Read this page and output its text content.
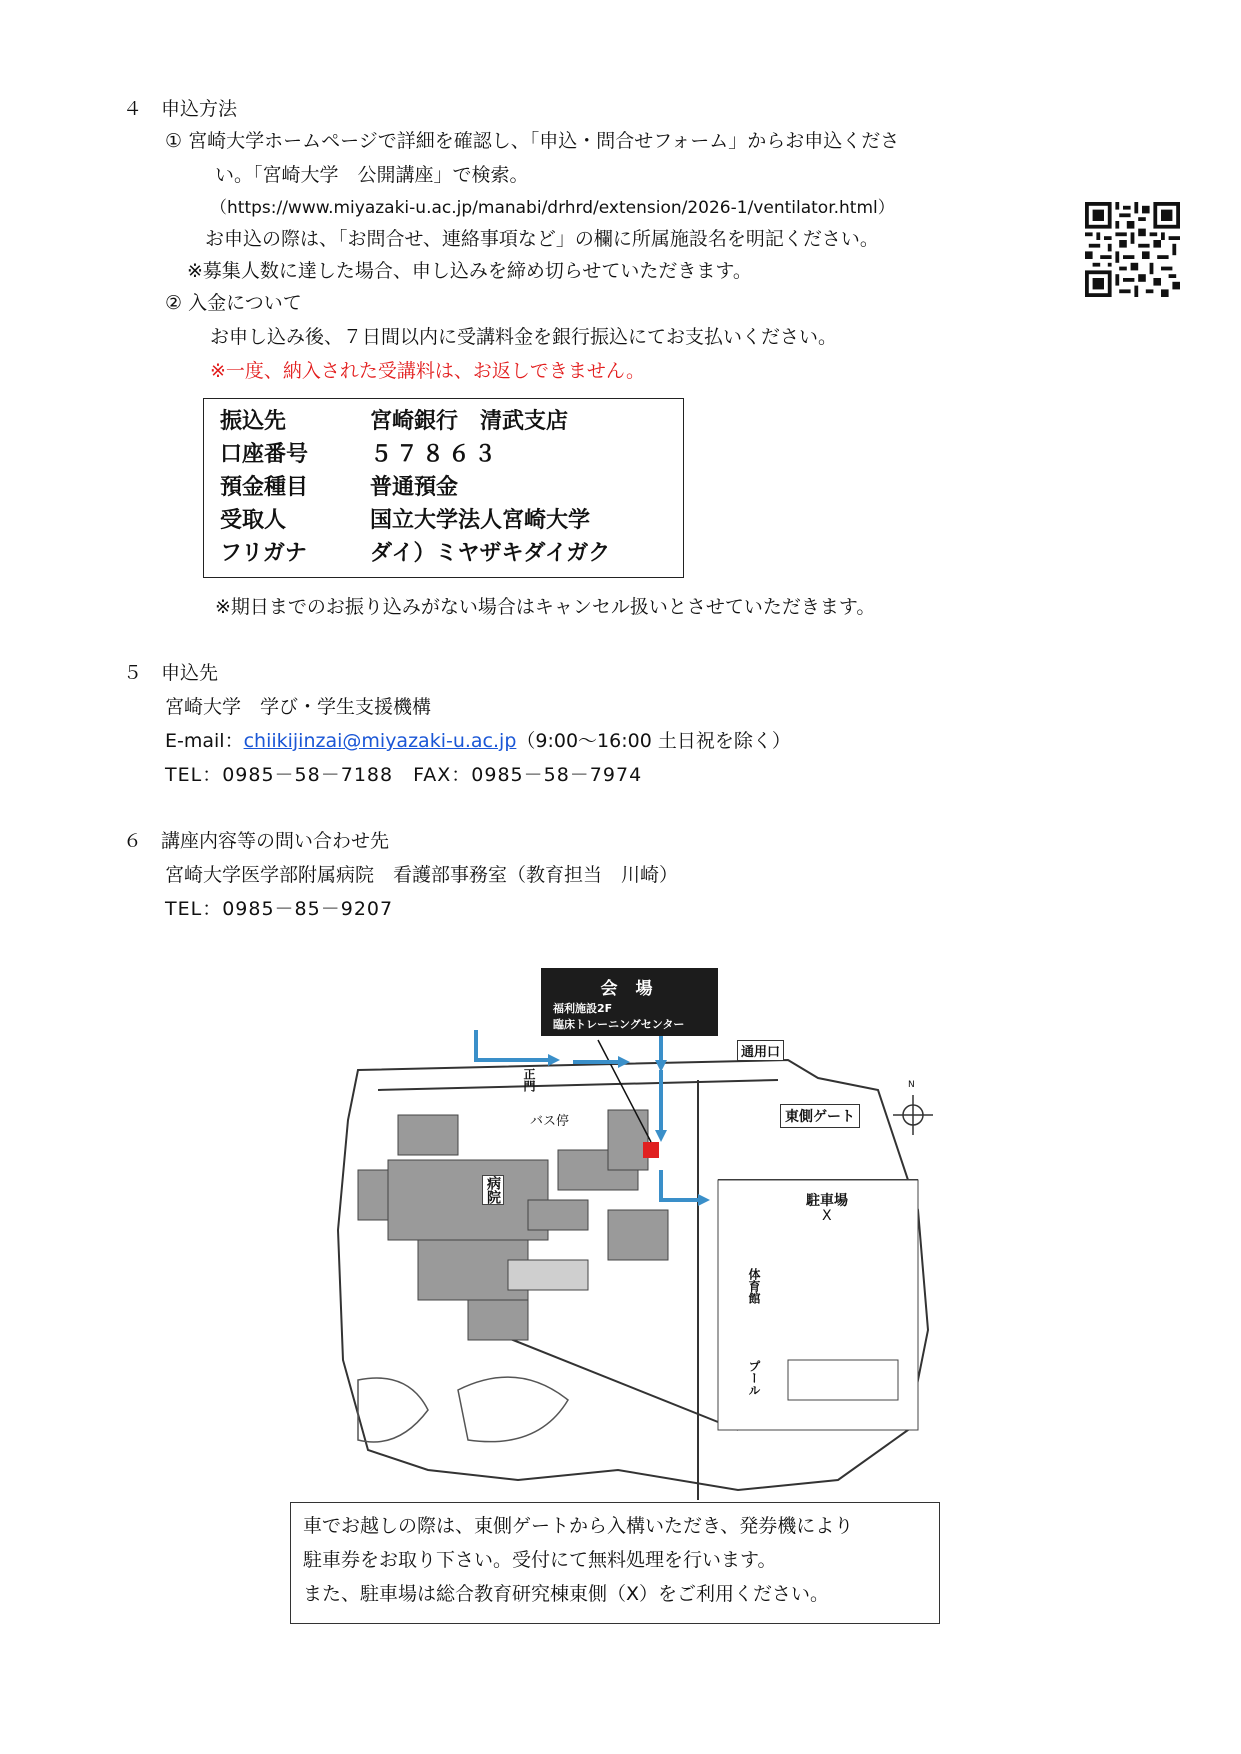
４　申込方法
① 宮崎大学ホームページで詳細を確認し、「申込・問合せフォーム」からお申込くださ
い。「宮崎大学　公開講座」で検索。
（https://www.miyazaki-u.ac.jp/manabi/drhrd/extension/2026-1/ventilator.html）
お申込の際は、「お問合せ、連絡事項など」の欄に所属施設名を明記ください。
※募集人数に達した場合、申し込みを締め切らせていただきます。
② 入金について
お申し込み後、７日間以内に受講料金を銀行振込にてお支払いください。
※一度、納入された受講料は、お返しできません。
振込先	宮崎銀行　清武支店
口座番号	５７８６３
預金種目	普通預金
受取人	国立大学法人宮崎大学
フリガナ	ダイ）ミヤザキダイガク
※期日までのお振り込みがない場合はキャンセル扱いとさせていただきます。
５　申込先
宮崎大学　学び・学生支援機構
E-mail：chiikijinzai@miyazaki-u.ac.jp（9:00〜16:00 土日祝を除く）
TEL：0985－58－7188　FAX：0985－58－7974
６　講座内容等の問い合わせ先
宮崎大学医学部附属病院　看護部事務室（教育担当　川崎）
TEL：0985－85－9207
会 場
福利施設2F
臨床トレーニングセンター
正門
バス停
病院
通用口
東側ゲート
駐車場
X
体育館
プール
N
車でお越しの際は、東側ゲートから入構いただき、発券機により
駐車券をお取り下さい。受付にて無料処理を行います。
また、駐車場は総合教育研究棟東側（X）をご利用ください。
